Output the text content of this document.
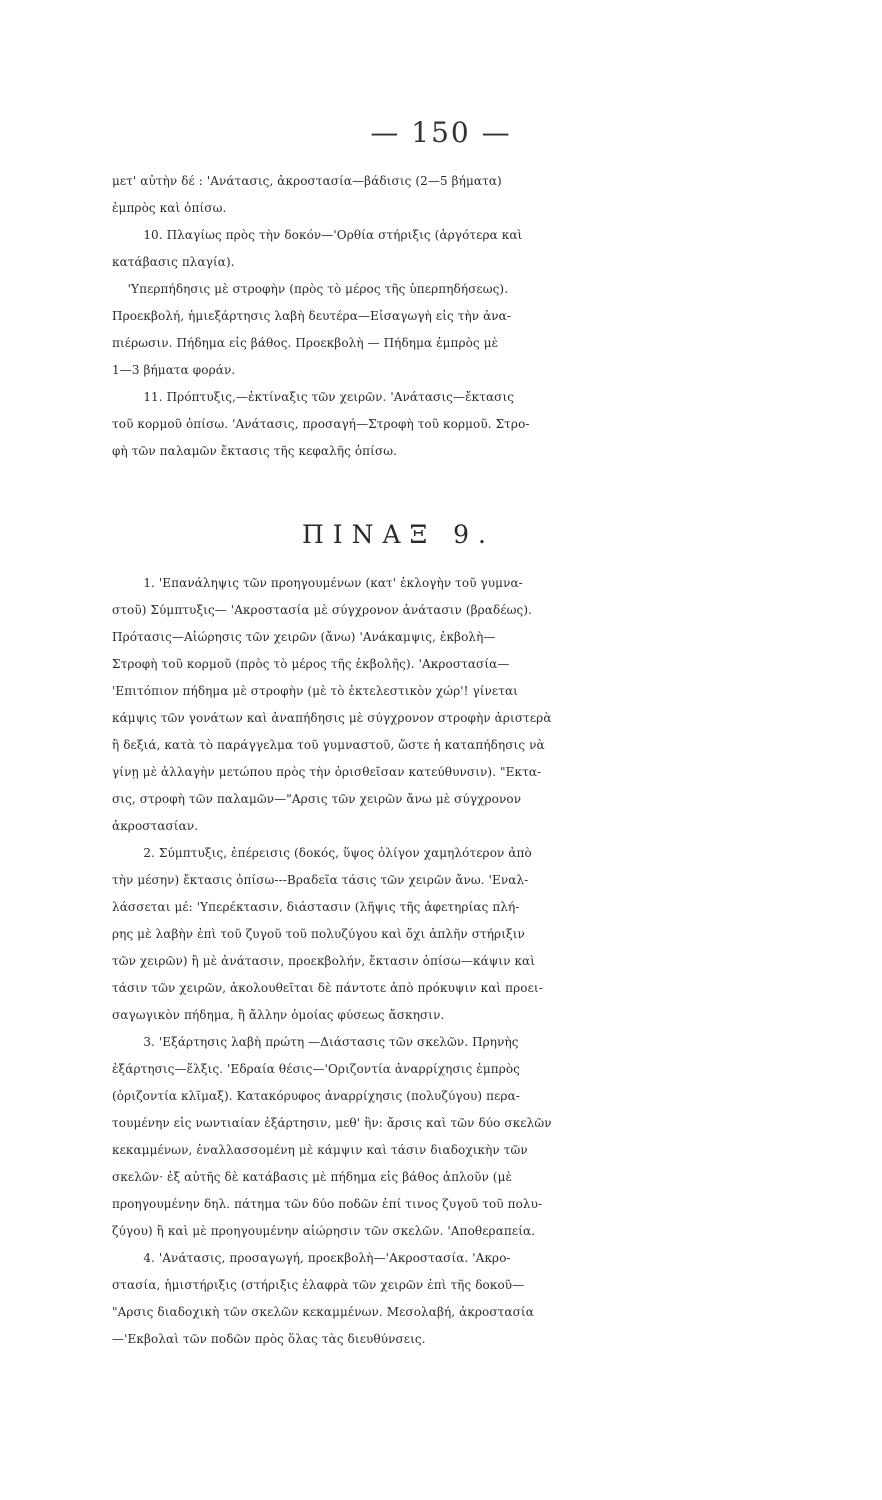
— 150 —
μετ' αὐτὴν δέ : 'Ανάτασις, ἀκροστασία—βάδισις (2—5 βήματα)
ἐμπρὸς καὶ ὀπίσω.
10. Πλαγίως πρὸς τὴν δοκόν—'Ορθία στήριξις (ἀργότερα καὶ
κατάβασις πλαγία).
'Υπερπήδησις μὲ στροφὴν (πρὸς τὸ μέρος τῆς ὑπερπηδήσεως).
Προεκβολή, ἡμιεξάρτησις λαβὴ δευτέρα—Εἰσαγωγὴ εἰς τὴν ἀνα-
πιέρωσιν. Πήδημα εἰς βάθος. Προεκβολὴ — Πήδημα ἐμπρὸς μὲ
1—3 βήματα φοράν.
11. Πρόπτυξις,—ἐκτίναξις τῶν χειρῶν. 'Ανάτασις—ἔκτασις
τοῦ κορμοῦ ὀπίσω. 'Ανάτασις, προσαγή—Στροφὴ τοῦ κορμοῦ. Στρο-
φὴ τῶν παλαμῶν ἔκτασις τῆς κεφαλῆς ὀπίσω.
ΠΙΝΑΞ 9.
1. 'Επανάληψις τῶν προηγουμένων (κατ' ἐκλογὴν τοῦ γυμνα-
στοῦ) Σύμπτυξις— 'Ακροστασία μὲ σύγχρονον ἀνάτασιν (βραδέως).
Πρότασις—Αἰώρησις τῶν χειρῶν (ἄνω) 'Ανάκαμψις, ἐκβολὴ—
Στροφὴ τοῦ κορμοῦ (πρὸς τὸ μέρος τῆς ἐκβολῆς). 'Ακροστασία—
'Επιτόπιον πήδημα μὲ στροφὴν (μὲ τὸ ἐκτελεστικὸν χώρ'! γίνεται
κάμψις τῶν γονάτων καὶ ἀναπήδησις μὲ σύγχρονον στροφὴν ἀριστερὰ
ἢ δεξιά, κατὰ τὸ παράγγελμα τοῦ γυμναστοῦ, ὥστε ἡ καταπήδησις νὰ
γίνῃ μὲ ἀλλαγὴν μετώπου πρὸς τὴν ὁρισθεῖσαν κατεύθυνσιν). "Εκτα-
σις, στροφὴ τῶν παλαμῶν—"Αρσις τῶν χειρῶν ἄνω μὲ σύγχρονον
ἀκροστασίαν.
2. Σύμπτυξις, ἐπέρεισις (δοκός, ὕψος ὀλίγον χαμηλότερον ἀπὸ
τὴν μέσην) ἔκτασις ὀπίσω---Βραδεῖα τάσις τῶν χειρῶν ἄνω. 'Εναλ-
λάσσεται μέ: 'Υπερέκτασιν, διάστασιν (λῆψις τῆς ἀφετηρίας πλή-
ρης μὲ λαβὴν ἐπὶ τοῦ ζυγοῦ τοῦ πολυζύγου καὶ ὄχι ἁπλῆν στήριξιν
τῶν χειρῶν) ἢ μὲ ἀνάτασιν, προεκβολήν, ἔκτασιν ὀπίσω—κάψιν καὶ
τάσιν τῶν χειρῶν, ἀκολουθεῖται δὲ πάντοτε ἀπὸ πρόκυψιν καὶ προει-
σαγωγικὸν πήδημα, ἢ ἄλλην ὁμοίας φύσεως ἄσκησιν.
3. 'Εξάρτησις λαβὴ πρώτη —Διάστασις τῶν σκελῶν. Πρηνὴς
ἐξάρτησις—ἕλξις. 'Εδραία θέσις—'Οριζοντία ἀναρρίχησις ἐμπρὸς
(ὁριζοντία κλῖμαξ). Κατακόρυφος ἀναρρίχησις (πολυζύγου) περα-
τουμένην εἰς νωντιαίαν ἐξάρτησιν, μεθ' ἣν: ἄρσις καὶ τῶν δύο σκελῶν
κεκαμμένων, ἐναλλασσομένη μὲ κάμψιν καὶ τάσιν διαδοχικὴν τῶν
σκελῶν· ἐξ αὐτῆς δὲ κατάβασις μὲ πήδημα εἰς βάθος ἁπλοῦν (μὲ
προηγουμένην δηλ. πάτημα τῶν δύο ποδῶν ἐπί τινος ζυγοῦ τοῦ πολυ-
ζύγου) ἢ καὶ μὲ προηγουμένην αἰώρησιν τῶν σκελῶν. 'Αποθεραπεία.
4. 'Ανάτασις, προσαγωγή, προεκβολὴ—'Ακροστασία. 'Ακρο-
στασία, ἡμιστήριξις (στήριξις ἐλαφρὰ τῶν χειρῶν ἐπὶ τῆς δοκοῦ—
"Αρσις διαδοχικὴ τῶν σκελῶν κεκαμμένων. Μεσολαβή, ἀκροστασία
—'Εκβολαὶ τῶν ποδῶν πρὸς ὅλας τὰς διευθύνσεις.
